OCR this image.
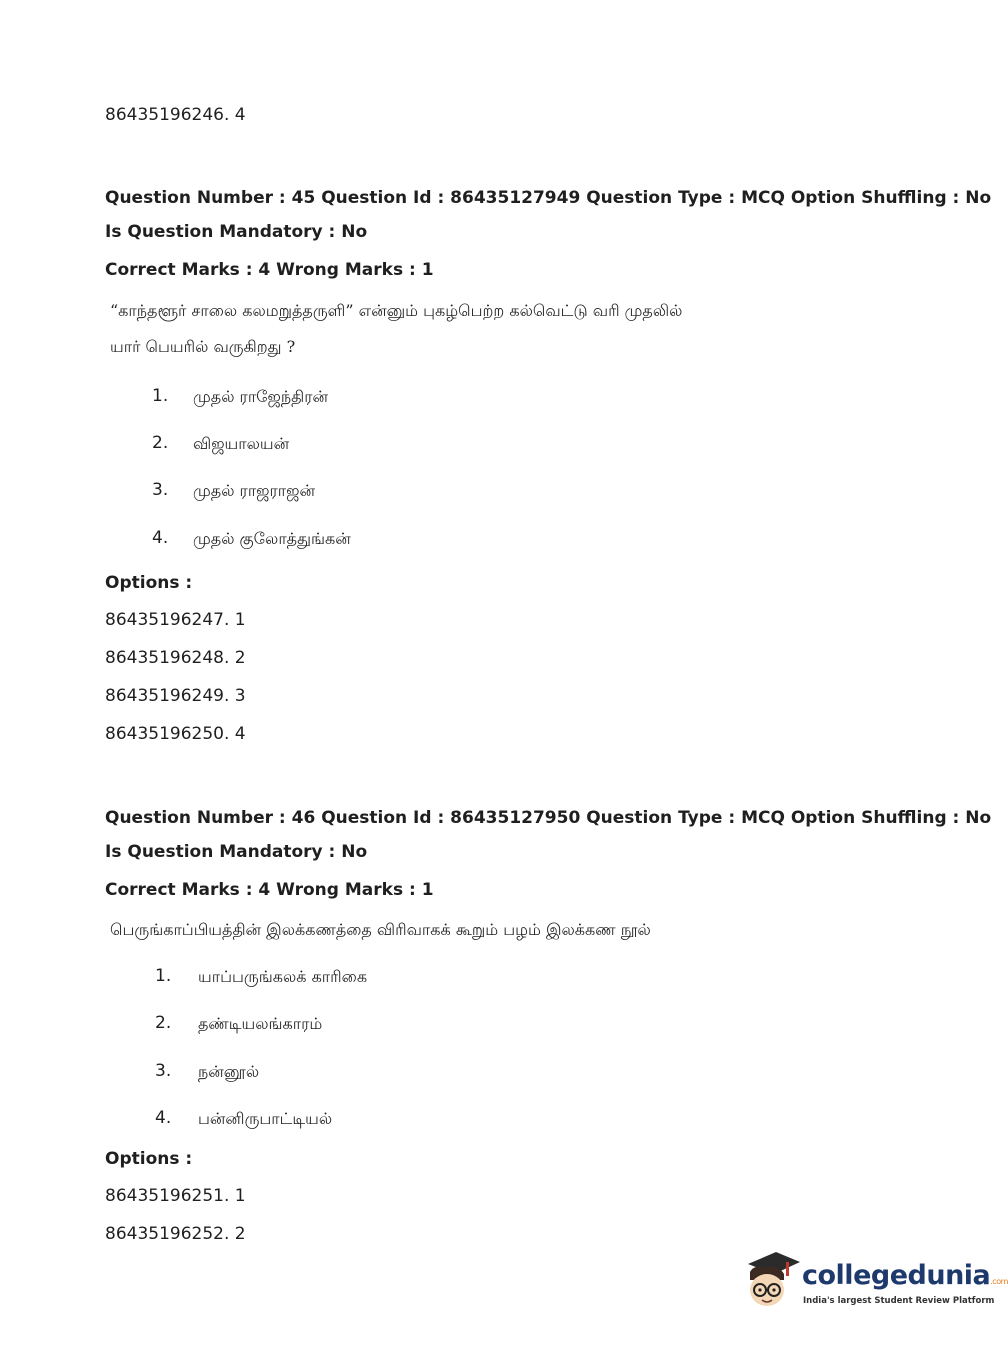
86435196246. 4
Question Number : 45 Question Id : 86435127949 Question Type : MCQ Option Shuffling : No
Is Question Mandatory : No
Correct Marks : 4 Wrong Marks : 1
“காந்தளூர் சாலை கலமறுத்தருளி” என்னும் புகழ்பெற்ற கல்வெட்டு வரி முதலில்
யார் பெயரில் வருகிறது ?
1. முதல் ராஜேந்திரன்
2. விஜயாலயன்
3. முதல் ராஜராஜன்
4. முதல் குலோத்துங்கன்
Options :
86435196247. 1
86435196248. 2
86435196249. 3
86435196250. 4
Question Number : 46 Question Id : 86435127950 Question Type : MCQ Option Shuffling : No
Is Question Mandatory : No
Correct Marks : 4 Wrong Marks : 1
பெருங்காப்பியத்தின் இலக்கணத்தை விரிவாகக் கூறும் பழம் இலக்கண நூல்
1. யாப்பருங்கலக் காரிகை
2. தண்டியலங்காரம்
3. நன்னூல்
4. பன்னிருபாட்டியல்
Options :
86435196251. 1
86435196252. 2
collegedunia.com
India's largest Student Review Platform
